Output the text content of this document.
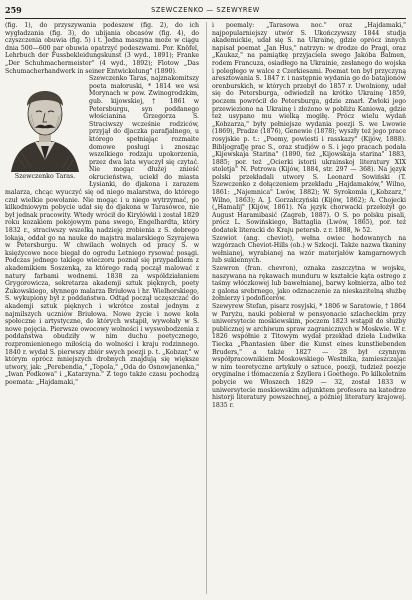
259	SZEWCZENKO — SZEWYREW

(fig. 1), do przyszywania podeszew (fig. 2), do ich wygładzania (fig. 3), do ubijania obcasów (fig. 4), do czyszczenia obuwia (fig. 5) i t. Jedna maszyna może w ciągu dnia 500—600 par obuwia opatrzyć podeszwami. Por. Knöfel, Lehrbuch der Fussbekleidungskunst (3 wyd., 1891); Franke „Der Schuhmachermeister" (4 wyd., 1892); Flotow „Das Schumacherhandwerk in seiner Entwickelung" (1890).

Szewczenko Taras.

Szewczenko Taras, najznakomitszy poeta małoruski, * 1814 we wsi Morynach w pow. Zwinogrodzkim, gub. kijowskiej, † 1861 w Petersburgu, syn poddanego włościanina Grzegorza S. Straciwszy wcześnie rodziców, przyjął do djaczka parafjalnego, u którego spełniając rozmaite domowe posługi i znosząc wszelkiego rodzaju upokorzenia, przez dwa lata wyuczył się czytać. Nie mogąc dłużej znieść okrucieństwa, uciekł do miasta Łysianki, do djakona i zarazem malarza, chcąc wyuczyć się od niego malarstwa, do którego czuł wielkie powołanie. Nie mogąc i u niego wytrzymać, po kilkodniowym pobycie udał się do djakona w Tarasówce, nie był jednak pracowity. Wtedy wrócił do Kirylówki i został 1829 roku kozakiem pokojowym pana swego, Engelhardta, który 1832 r., straciwszy wszelką nadzieję zrobienia z S. dobrego lokaja, oddał go na nauke do majstra malarskiego Szyrajewa w Petersburgu. W chwilach wolnych od pracy S. w księżycowe noce biegał do ogrodu Letniego rysować posągi. Podczas jednego takiego wieczoru poznał się przypadkiem z akademikiem Soszenką, za którego radą począł malować z natury farbami wodnemi. 1838 za wspóldziałaniem Grygorowicza, sekretarza akademji sztuk pięknych, poety Żukowskiego, słynnego malarza Briułowa i hr. Wielhorskiego, S. wykupiony był z poddaństwa. Odtąd począł uczęszczać do akademji sztuk pięknych i wkrótce został jednym z najmilszych uczniów Briułowa. Nowe życie i nowe koła społeczne i artystyczne, do których wstąpił, wywołały w S. nowe pojęcia. Pierwsze owocowy wolności i wyswobodzenia z poddaństwa obudziły w nim duchu poetycznego, rozpromienionego miłością do wolności i kraju rodzinnego. 1840 r. wydał S. pierwszy zbiór swych poezji p. t. „Kobzar," w którym oprócz mniejszych drobnych znajdują się większe utwory, jak: „Perebendia," „Topola," „Oda do Osnowjanenka," „Iwan Podkowa" i „Katarzyna." Z tego także czasu pochodzą poemata: „Hajdamaki,"

i poemaly: „Tarasowa noc." oraz „Hajdamaki," najpopularniejszy utwór S. Ukończywszy 1844 studja akademickie, udał się S. na Ukrainę, gdzie oprócz innych napisał poemat „Jan Hus," natrzyn: w drodze do Pragi, oraz „Kaukaz," na pamiątkę przyjaciela swego Jakóba Balmen, rodem Francuza, osiadłego na Ukrainie, zesłanego do wojska i poległego w walce z Czerkiesami. Poemat ten był przyczyną aresztowania S. 1847 r. i następnie wydania go do batajionów orenburskich, w których przebył do 1857 r. Uwolniony, udał się do Petersburga, odwiedził na krótko Ukrainę 1859, poczem powrócił do Petersburga, gdzie zmarł. Zwłoki jego przewieziono na Ukrainę i złożono w pobliżu Kaniowa, gdzie też usypano mu wielką mogiłę. Prócz wielu wydań „Kobzarza," były pełniejsze wydania poezji S. we Lwowie (1869), Pradze (1876), Genewie (1878); wyszły też jego prace rosyjskie p. t.: „Poemy, powiesti i rasskazy" (Kijów, 1888). Bibljografję prac S., oraz studjów o S. i jego pracach podała „Kijewskaja Starina" (1890, też „Kijowskaja starina" 1883, 1885; por. też „Ocierki istorii ukrainskoj literatury XIX stoletja" N. Petrowa (Kijów, 1884, str. 297 — 368). Na język polski przekładali utwory S. Leonard Sowiński (T. Szewczenko z dołączeniem przekładu „Hajdamaków," Wilno, 1861: „Najemnica" Lwów, 1882); W. Syrokomla („Kobzarz," Wilno, 1863); A. J. Gorzałczyński (Kijów, 1862); A. Chojecki („Hamalij" [Kijów, 1861). Na język chorwacki przełożył go August Haramibasić (Zagreb, 1887). O S. po polsku pisali, prócz L. Sowińskiego, Battaglia (Lwów, 1865), por. też dodatek literacki do Kraju petersb. z r. 1888, № 52.

Szewiot (ang. cheviot), wełna owiec hodowanych na wzgórzach Cheviot-Hills (ob.) w Szkocji. Także nazwa tkaniny wełnianej, wyrabianej na wzór materjałów kamgarnowych lub sukiennych.

Szewron (fran. chevron), oznaka zaszczytna w wojsku, naszywana na rękawach munduru w kształcie kąta ostrego z taśmy włóczkowej lub bawełnianej, barwy kołnierza, albo też z galona srebrnego, jako odznaczenie za nieskazitelną służbę żołnierzy i podoficerów.

Szewyrew Stefan, pisarz rosyjski, * 1806 w Saratowie, † 1864 w Paryżu, nauki pobierał w pensyonacie szlacheckim przy uniwersytecie moskiewskim, poczem 1823 wstąpił do służby publicznej w archiwum spraw zagranicznych w Moskwie. W r. 1826 współnie z Titowym wydał przekład dzieła Ludwika Tiecka „Phantasien über die Kunst eines kunstliebenden Bruders," a także 1827 — 28 był czynnym współpracownikiem Moskowskiego Westnika, zamieszczając w nim teoretyczne artykuły o sztuce, poezji, tudzież poezje oryginalne i tłómaczenia z Szyllera i Goethego. Po kilkoletnim pobycie we Włoszech 1829 — 32, został 1833 w uniwersytecie moskiewskim adjunktem profesora na katedrze historji literatury powszechnej, a później literatury krajowej. 1835 r.
